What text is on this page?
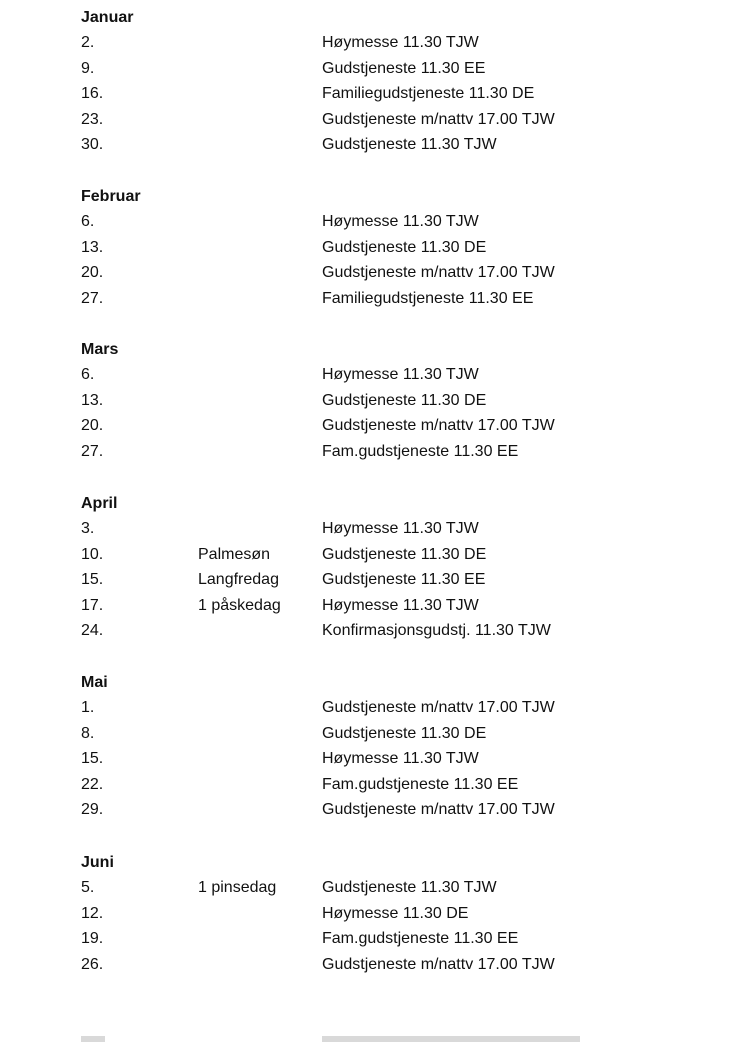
Januar
2.	Høymesse 11.30 TJW
9.	Gudstjeneste 11.30 EE
16.	Familiegudstjeneste 11.30 DE
23.	Gudstjeneste m/nattv 17.00 TJW
30.	Gudstjeneste 11.30 TJW
Februar
6.	Høymesse 11.30 TJW
13.	Gudstjeneste 11.30 DE
20.	Gudstjeneste m/nattv 17.00 TJW
27.	Familiegudstjeneste 11.30 EE
Mars
6.	Høymesse 11.30 TJW
13.	Gudstjeneste 11.30 DE
20.	Gudstjeneste m/nattv 17.00 TJW
27.	Fam.gudstjeneste 11.30 EE
April
3.	Høymesse 11.30 TJW
10.	Palmesøn	Gudstjeneste 11.30 DE
15.	Langfredag	Gudstjeneste 11.30 EE
17.	1 påskedag	Høymesse 11.30 TJW
24.	Konfirmasjonsgudstj. 11.30 TJW
Mai
1.	Gudstjeneste m/nattv 17.00 TJW
8.	Gudstjeneste 11.30 DE
15.	Høymesse 11.30 TJW
22.	Fam.gudstjeneste 11.30 EE
29.	Gudstjeneste m/nattv 17.00 TJW
Juni
5.	1 pinsedag	Gudstjeneste 11.30 TJW
12.	Høymesse 11.30 DE
19.	Fam.gudstjeneste 11.30 EE
26.	Gudstjeneste m/nattv 17.00 TJW
